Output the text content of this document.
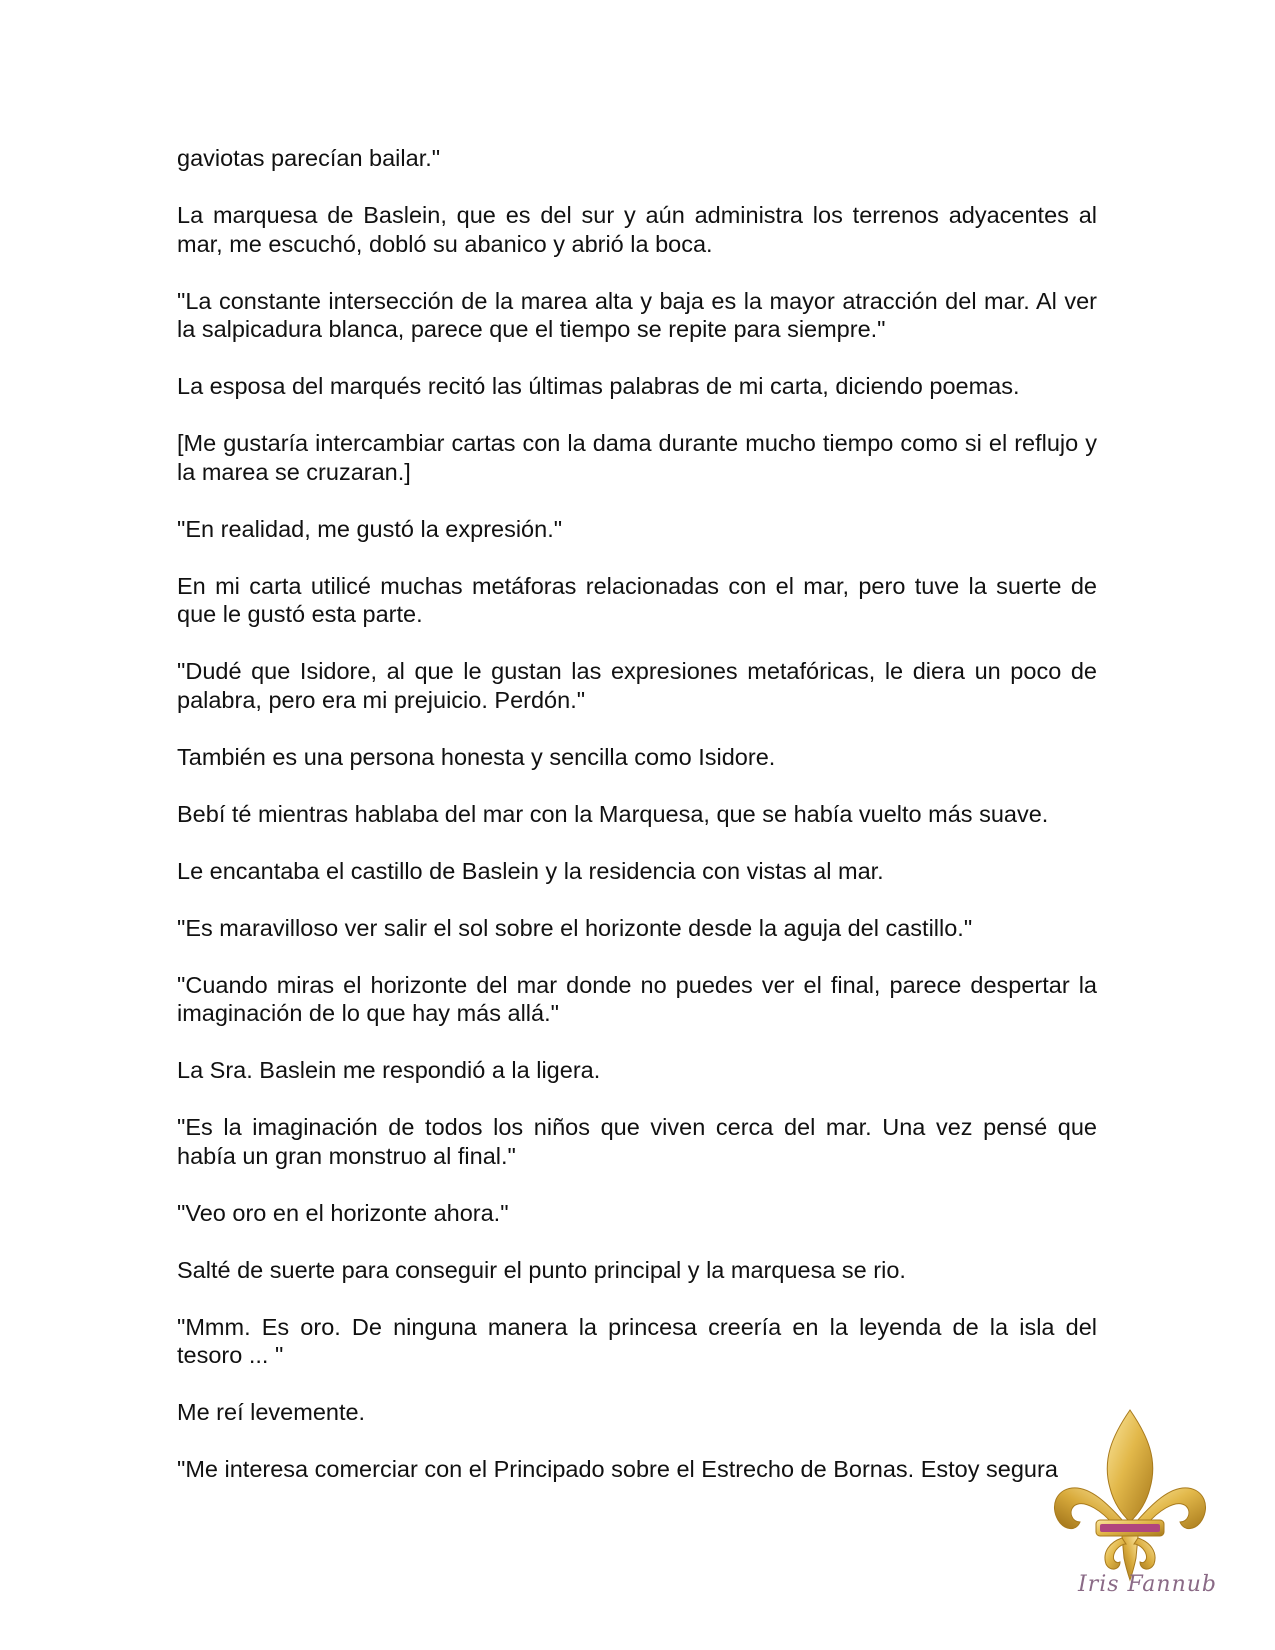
gaviotas parecían bailar."

La marquesa de Baslein, que es del sur y aún administra los terrenos adyacentes al mar, me escuchó, dobló su abanico y abrió la boca.

"La constante intersección de la marea alta y baja es la mayor atracción del mar. Al ver la salpicadura blanca, parece que el tiempo se repite para siempre."

La esposa del marqués recitó las últimas palabras de mi carta, diciendo poemas.

[Me gustaría intercambiar cartas con la dama durante mucho tiempo como si el reflujo y la marea se cruzaran.]

"En realidad, me gustó la expresión."

En mi carta utilicé muchas metáforas relacionadas con el mar, pero tuve la suerte de que le gustó esta parte.

"Dudé que Isidore, al que le gustan las expresiones metafóricas, le diera un poco de palabra, pero era mi prejuicio. Perdón."

También es una persona honesta y sencilla como Isidore.

Bebí té mientras hablaba del mar con la Marquesa, que se había vuelto más suave.

Le encantaba el castillo de Baslein y la residencia con vistas al mar.

"Es maravilloso ver salir el sol sobre el horizonte desde la aguja del castillo."

"Cuando miras el horizonte del mar donde no puedes ver el final, parece despertar la imaginación de lo que hay más allá."

La Sra. Baslein me respondió a la ligera.

"Es la imaginación de todos los niños que viven cerca del mar. Una vez pensé que había un gran monstruo al final."

"Veo oro en el horizonte ahora."

Salté de suerte para conseguir el punto principal y la marquesa se rio.

"Mmm. Es oro. De ninguna manera la princesa creería en la leyenda de la isla del tesoro ... "

Me reí levemente.

"Me interesa comerciar con el Principado sobre el Estrecho de Bornas. Estoy segura

Iris Fannub
